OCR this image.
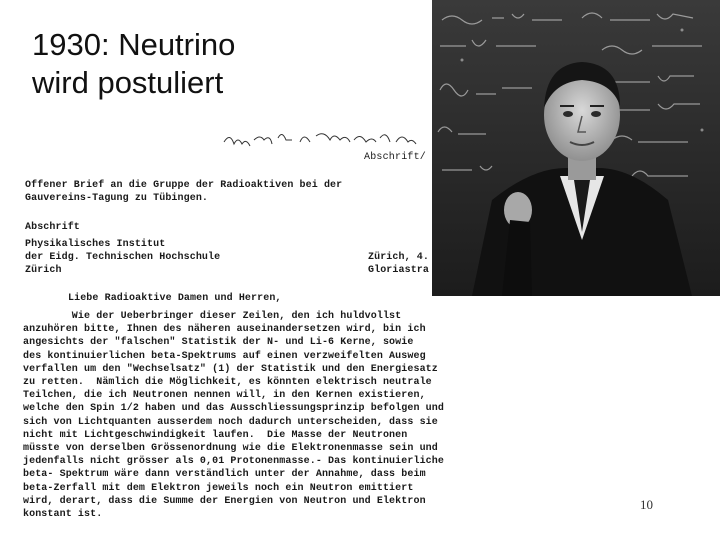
1930: Neutrino
wird postuliert
Abschrift/
Offener Brief an die Gruppe der Radioaktiven bei der
Gauvereins-Tagung zu Tübingen.
Abschrift
Physikalisches Institut
der Eidg. Technischen Hochschule
Zürich
Zürich, 4.
Gloriastra
Liebe Radioaktive Damen und Herren,
Wie der Ueberbringer dieser Zeilen, den ich huldvollst
anzuhören bitte, Ihnen des näheren auseinandersetzen wird, bin ich
angesichts der "falschen" Statistik der N- und Li-6 Kerne, sowie
des kontinuierlichen beta-Spektrums auf einen verzweifelten Ausweg
verfallen um den "Wechselsatz" (1) der Statistik und den Energiesatz
zu retten.  Nämlich die Möglichkeit, es könnten elektrisch neutrale
Teilchen, die ich Neutronen nennen will, in den Kernen existieren,
welche den Spin 1/2 haben und das Ausschliessungsprinzip befolgen und
sich von Lichtquanten ausserdem noch dadurch unterscheiden, dass sie
nicht mit Lichtgeschwindigkeit laufen.  Die Masse der Neutronen
müsste von derselben Grössenordnung wie die Elektronenmasse sein und
jedenfalls nicht grösser als 0,01 Protonenmasse.- Das kontinuierliche
beta- Spektrum wäre dann verständlich unter der Annahme, dass beim
beta-Zerfall mit dem Elektron jeweils noch ein Neutron emittiert
wird, derart, dass die Summe der Energien von Neutron und Elektron
konstant ist.
10
